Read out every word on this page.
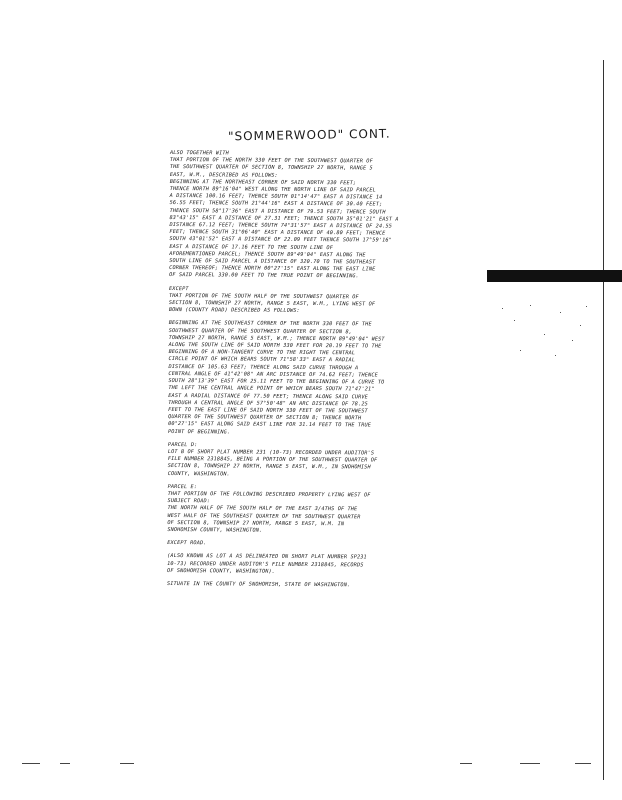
"SOMMERWOOD" CONT.
ALSO TOGETHER WITH
THAT PORTION OF THE NORTH 330 FEET OF THE SOUTHWEST QUARTER OF
THE SOUTHWEST QUARTER OF SECTION 8, TOWNSHIP 27 NORTH, RANGE 5
EAST, W.M., DESCRIBED AS FOLLOWS:
BEGINNING AT THE NORTHEAST CORNER OF SAID NORTH 330 FEET;
THENCE NORTH 89°16'04" WEST ALONG THE NORTH LINE OF SAID PARCEL
A DISTANCE 100.16 FEET; THENCE SOUTH 01°14'47" EAST A DISTANCE 14
56.55 FEET; THENCE SOUTH 21°44'16" EAST A DISTANCE OF 30.40 FEET;
THENCE SOUTH 58°17'36" EAST A DISTANCE OF 79.53 FEET; THENCE SOUTH
83°43'15" EAST A DISTANCE OF 27.31 FEET; THENCE SOUTH 35°01'21" EAST A
DISTANCE 67.12 FEET; THENCE SOUTH 74°31'57" EAST A DISTANCE OF 24.55
FEET; THENCE SOUTH 31°06'40" EAST A DISTANCE OF 40.80 FEET; THENCE
SOUTH 43°01'52" EAST A DISTANCE OF 22.09 FEET THENCE SOUTH 17°59'16"
EAST A DISTANCE OF 17.16 FEET TO THE SOUTH LINE OF
AFOREMENTIONED PARCEL; THENCE SOUTH 89°49'04" EAST ALONG THE
SOUTH LINE OF SAID PARCEL A DISTANCE OF 320.70 TO THE SOUTHEAST
CORNER THEREOF; THENCE NORTH 00°27'15" EAST ALONG THE EAST LINE
OF SAID PARCEL 330.00 FEET TO THE TRUE POINT OF BEGINNING.
EXCEPT
THAT PORTION OF THE SOUTH HALF OF THE SOUTHWEST QUARTER OF
SECTION 8, TOWNSHIP 27 NORTH, RANGE 5 EAST, W.M., LYING WEST OF
BOWN (COUNTY ROAD) DESCRIBED AS FOLLOWS:
BEGINNING AT THE SOUTHEAST CORNER OF THE NORTH 330 FEET OF THE
SOUTHWEST QUARTER OF THE SOUTHWEST QUARTER OF SECTION 8,
TOWNSHIP 27 NORTH, RANGE 5 EAST, W.M.; THENCE NORTH 89°49'04" WEST
ALONG THE SOUTH LINE OF SAID NORTH 330 FEET FOR 20.19 FEET TO THE
BEGINNING OF A NON-TANGENT CURVE TO THE RIGHT THE CENTRAL
CIRCLE POINT OF WHICH BEARS SOUTH 71°58'33" EAST A RADIAL
DISTANCE OF 105.63 FEET; THENCE ALONG SAID CURVE THROUGH A
CENTRAL ANGLE OF 41°42'08" AN ARC DISTANCE OF 74.62 FEET; THENCE
SOUTH 28°13'39" EAST FOR 25.11 FEET TO THE BEGINNING OF A CURVE TO
THE LEFT THE CENTRAL ANGLE POINT OF WHICH BEARS SOUTH 71°47'21"
EAST A RADIAL DISTANCE OF 77.50 FEET; THENCE ALONG SAID CURVE
THROUGH A CENTRAL ANGLE OF 57°50'48" AN ARC DISTANCE OF 78.25
FEET TO THE EAST LINE OF SAID NORTH 330 FEET OF THE SOUTHWEST
QUARTER OF THE SOUTHWEST QUARTER OF SECTION 8; THENCE NORTH
00°27'15" EAST ALONG SAID EAST LINE FOR 31.14 FEET TO THE TRUE
POINT OF BEGINNING.
PARCEL D:
LOT B OF SHORT PLAT NUMBER 231 (10-73) RECORDED UNDER AUDITOR'S
FILE NUMBER 2318845, BEING A PORTION OF THE SOUTHWEST QUARTER OF
SECTION 8, TOWNSHIP 27 NORTH, RANGE 5 EAST, W.M., IN SNOHOMISH
COUNTY, WASHINGTON.
PARCEL E:
THAT PORTION OF THE FOLLOWING DESCRIBED PROPERTY LYING WEST OF
SUBJECT ROAD:
THE NORTH HALF OF THE SOUTH HALF OF THE EAST 3/4THS OF THE
WEST HALF OF THE SOUTHEAST QUARTER OF THE SOUTHWEST QUARTER
OF SECTION 8, TOWNSHIP 27 NORTH, RANGE 5 EAST, W.M. IN
SNOHOMISH COUNTY, WASHINGTON.
EXCEPT ROAD.
(ALSO KNOWN AS LOT A AS DELINEATED ON SHORT PLAT NUMBER SP231
10-73) RECORDED UNDER AUDITOR'S FILE NUMBER 2318845, RECORDS
OF SNOHOMISH COUNTY, WASHINGTON).
SITUATE IN THE COUNTY OF SNOHOMISH, STATE OF WASHINGTON.
